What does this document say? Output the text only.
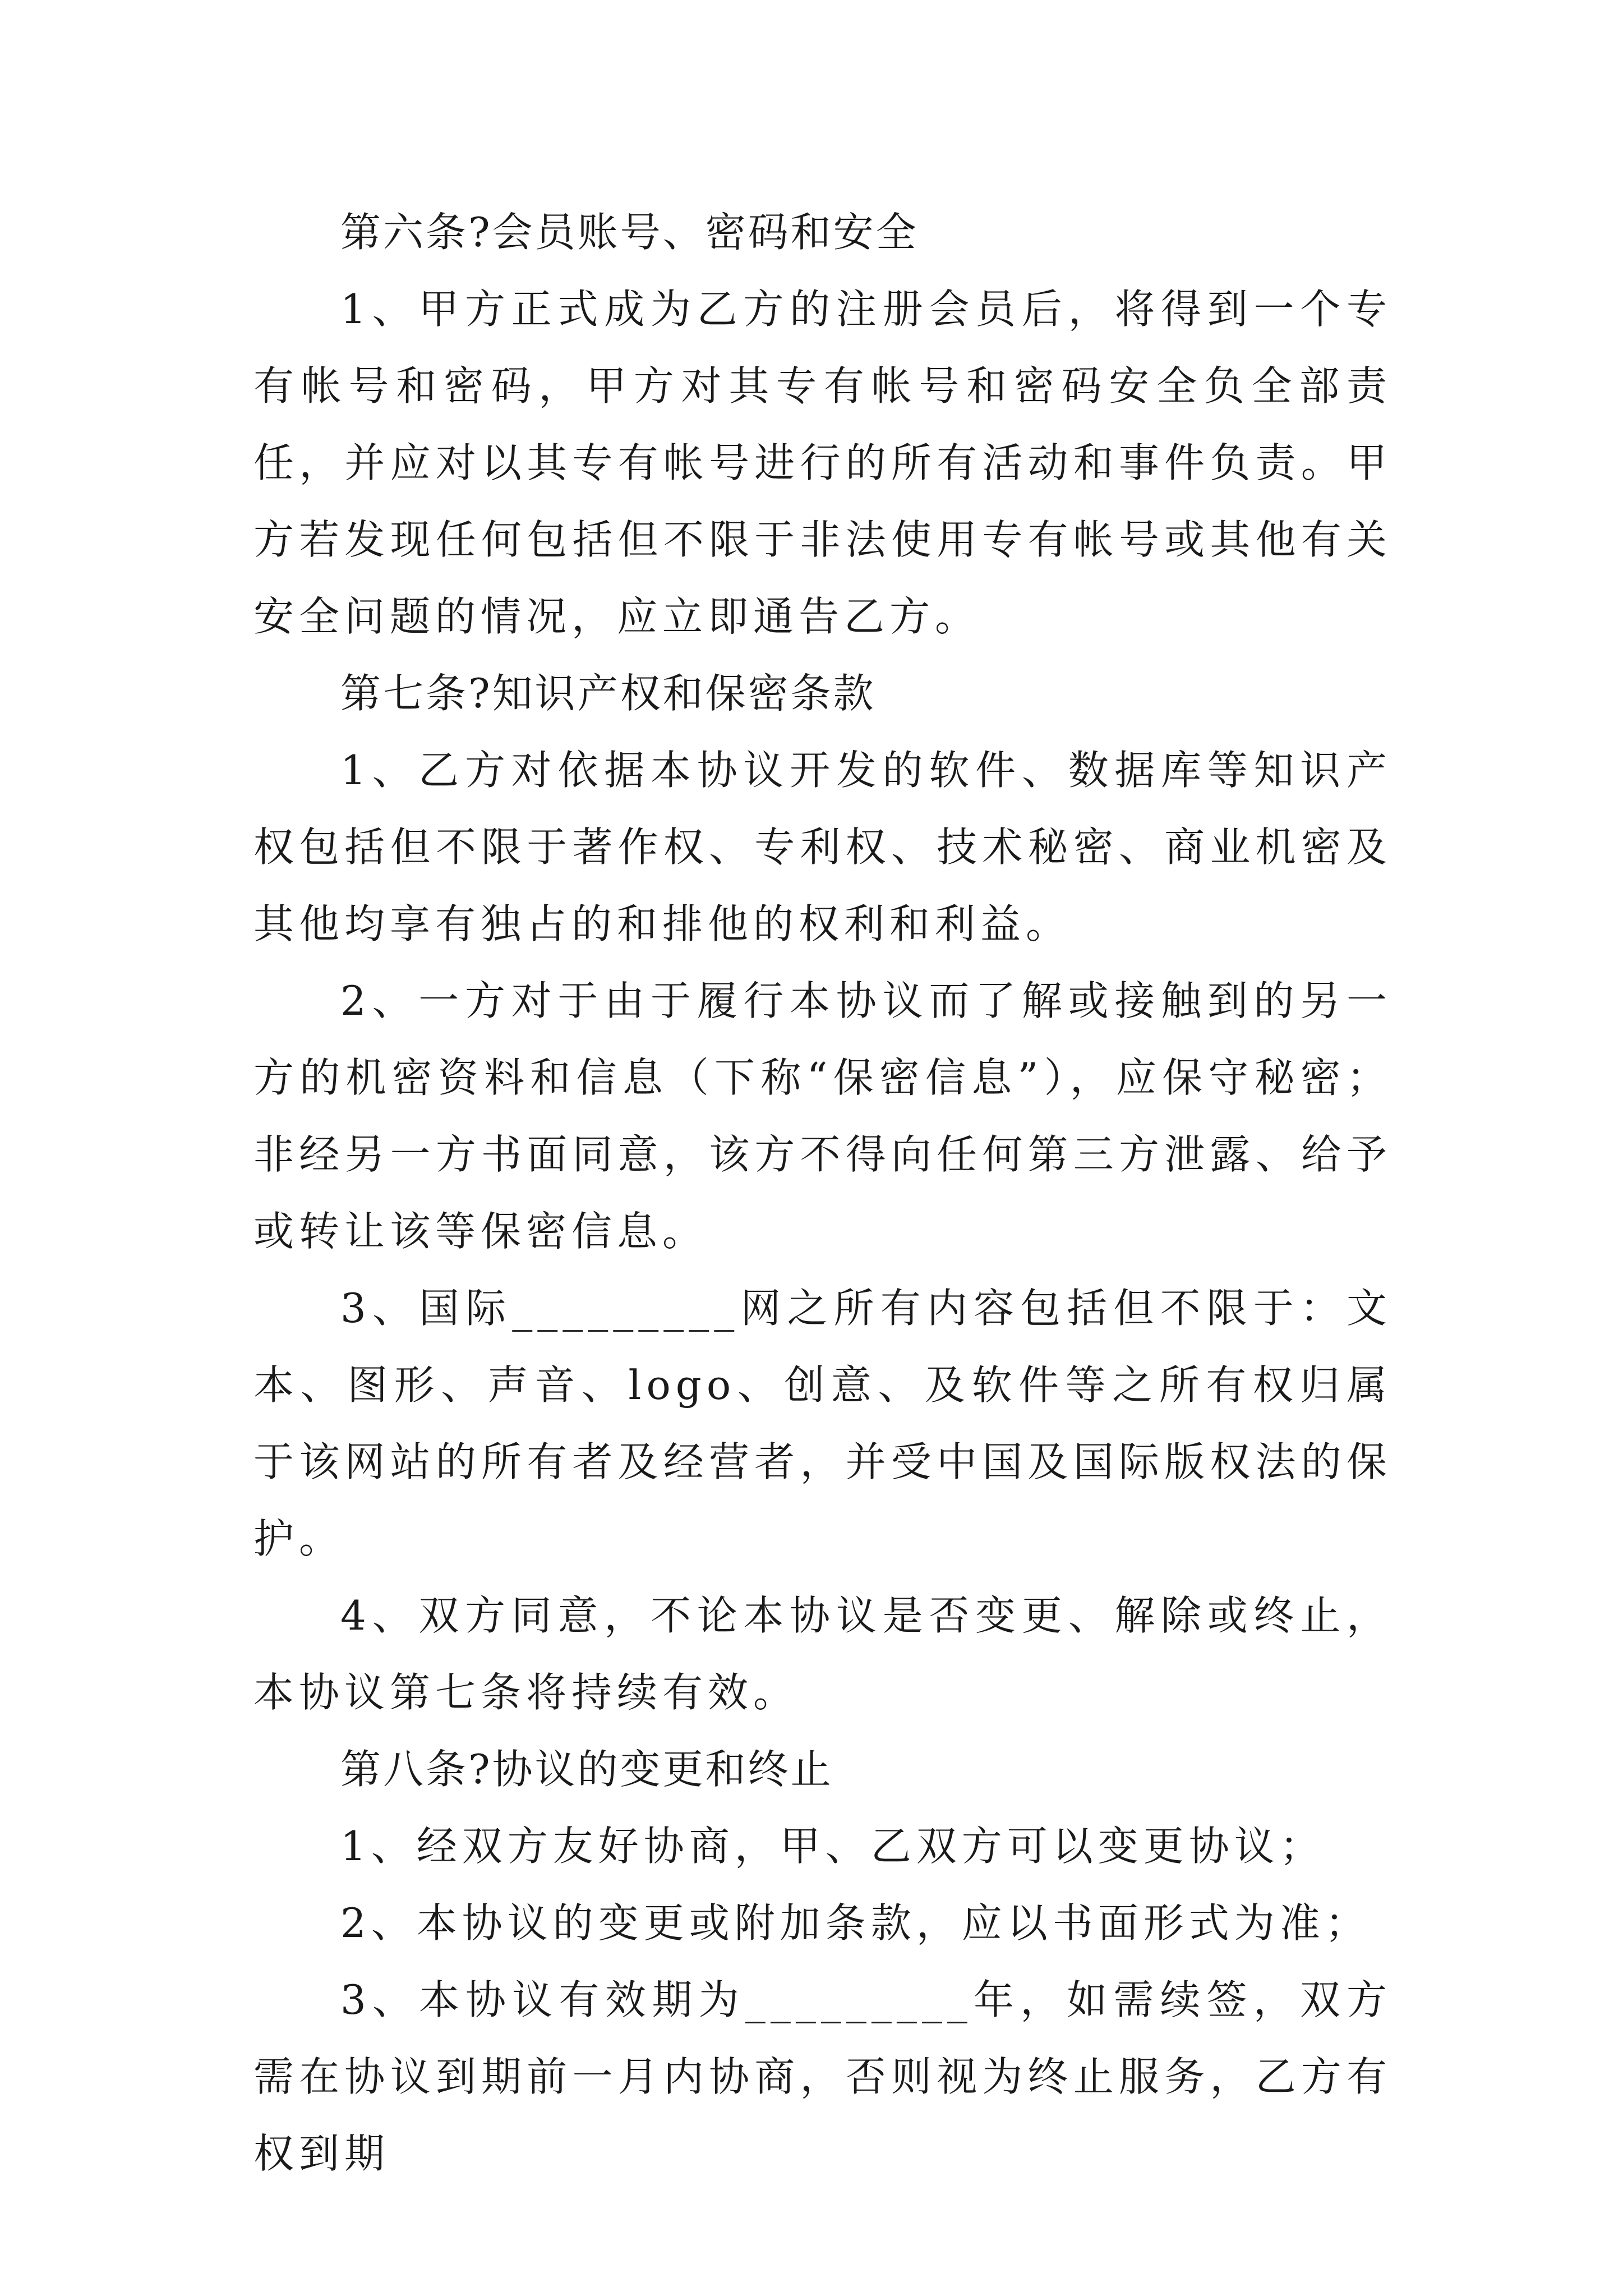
第六条?会员账号、密码和安全

1、甲方正式成为乙方的注册会员后，将得到一个专有帐号和密码，甲方对其专有帐号和密码安全负全部责任，并应对以其专有帐号进行的所有活动和事件负责。甲方若发现任何包括但不限于非法使用专有帐号或其他有关安全问题的情况，应立即通告乙方。

第七条?知识产权和保密条款

1、乙方对依据本协议开发的软件、数据库等知识产权包括但不限于著作权、专利权、技术秘密、商业机密及其他均享有独占的和排他的权利和利益。

2、一方对于由于履行本协议而了解或接触到的另一方的机密资料和信息（下称“保密信息”），应保守秘密；非经另一方书面同意，该方不得向任何第三方泄露、给予或转让该等保密信息。

3、国际_________网之所有内容包括但不限于：文本、图形、声音、logo、创意、及软件等之所有权归属于该网站的所有者及经营者，并受中国及国际版权法的保护。

4、双方同意，不论本协议是否变更、解除或终止，本协议第七条将持续有效。

第八条?协议的变更和终止

1、经双方友好协商，甲、乙双方可以变更协议；

2、本协议的变更或附加条款，应以书面形式为准；

3、本协议有效期为_________年，如需续签，双方需在协议到期前一月内协商，否则视为终止服务，乙方有权到期
